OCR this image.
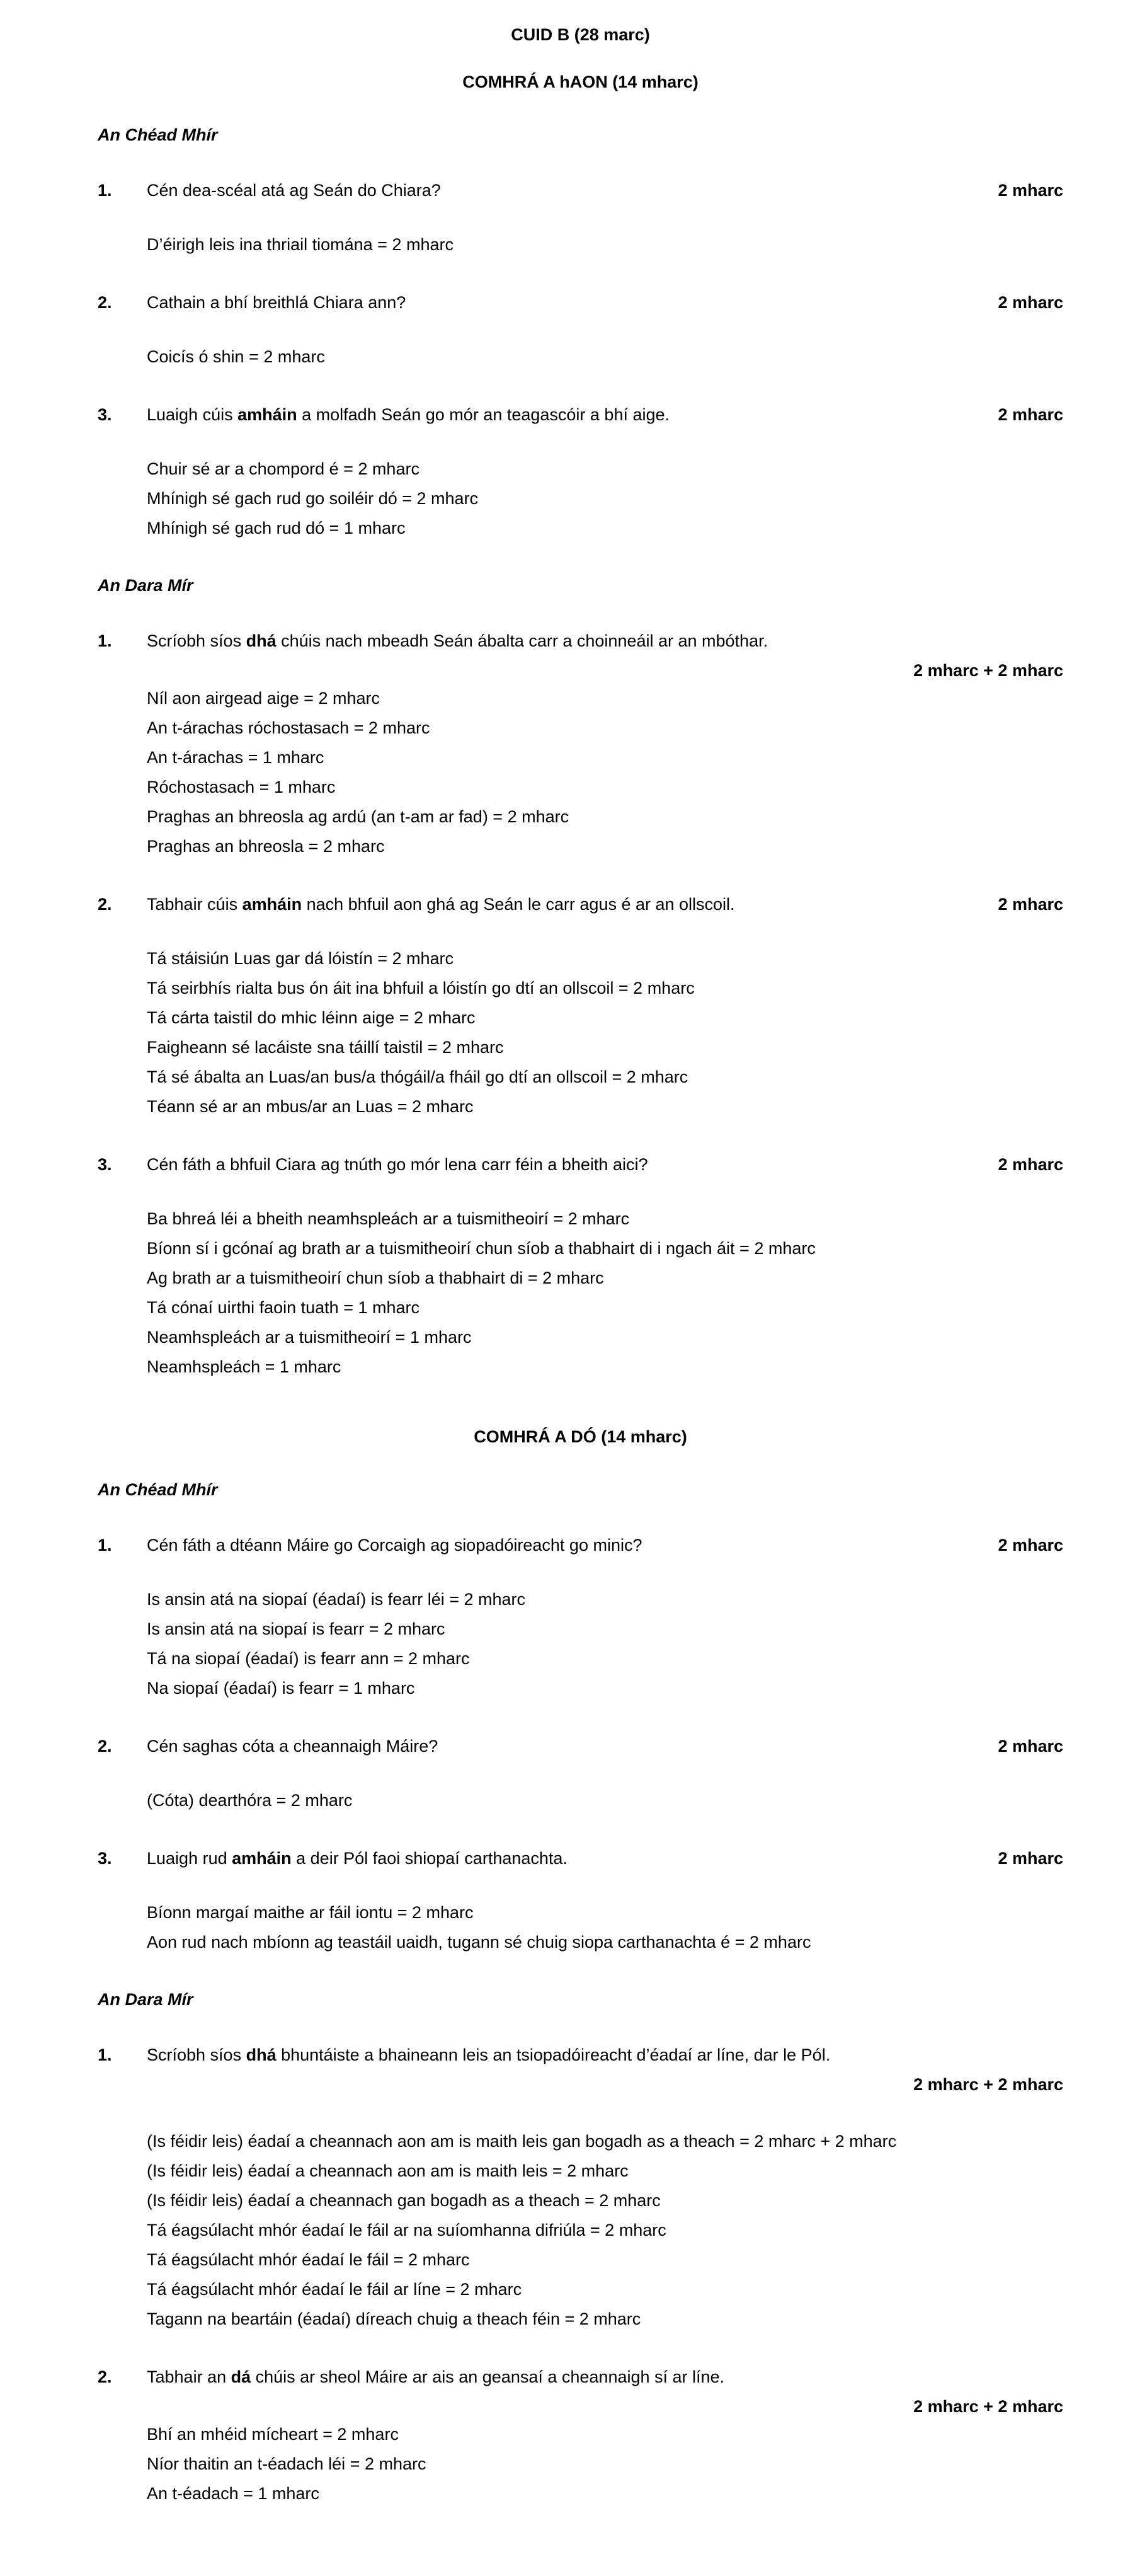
CUID B (28 marc)
COMHRÁ A hAON (14 mharc)
An Chéad Mhír
1.	Cén dea-scéal atá ag Seán do Chiara?	2 mharc
D’éirigh leis ina thriail tiomána = 2 mharc
2.	Cathain a bhí breithlá Chiara ann?	2 mharc
Coicís ó shin = 2 mharc
3.	Luaigh cúis amháin a molfadh Seán go mór an teagascóir a bhí aige.	2 mharc
Chuir sé ar a chompord é = 2 mharc
Mhínigh sé gach rud go soiléir dó = 2 mharc
Mhínigh sé gach rud dó = 1 mharc
An Dara Mír
1.	Scríobh síos dhá chúis nach mbeadh Seán ábalta carr a choinneáil ar an mbóthar.
2 mharc + 2 mharc
Níl aon airgead aige = 2 mharc
An t-árachas róchostasach = 2 mharc
An t-árachas = 1 mharc
Róchostasach = 1 mharc
Praghas an bhreosla ag ardú (an t-am ar fad) = 2 mharc
Praghas an bhreosla = 2 mharc
2.	Tabhair cúis amháin nach bhfuil aon ghá ag Seán le carr agus é ar an ollscoil.	2 mharc
Tá stáisiún Luas gar dá lóistín = 2 mharc
Tá seirbhís rialta bus ón áit ina bhfuil a lóistín go dtí an ollscoil = 2 mharc
Tá cárta taistil do mhic léinn aige = 2 mharc
Faigheann sé lacáiste sna táillí taistil = 2 mharc
Tá sé ábalta an Luas/an bus/a thógáil/a fháil go dtí an ollscoil = 2 mharc
Téann sé ar an mbus/ar an Luas = 2 mharc
3.	Cén fáth a bhfuil Ciara ag tnúth go mór lena carr féin a bheith aici?	2 mharc
Ba bhreá léi a bheith neamhspleách ar a tuismitheoirí = 2 mharc
Bíonn sí i gcónaí ag brath ar a tuismitheoirí chun síob a thabhairt di i ngach áit = 2 mharc
Ag brath ar a tuismitheoirí chun síob a thabhairt di = 2 mharc
Tá cónaí uirthi faoin tuath = 1 mharc
Neamhspleách ar a tuismitheoirí = 1 mharc
Neamhspleách = 1 mharc
COMHRÁ A DÓ (14 mharc)
An Chéad Mhír
1.	Cén fáth a dtéann Máire go Corcaigh ag siopadóireacht go minic?	2 mharc
Is ansin atá na siopaí (éadaí) is fearr léi = 2 mharc
Is ansin atá na siopaí is fearr = 2 mharc
Tá na siopaí (éadaí) is fearr ann = 2 mharc
Na siopaí (éadaí) is fearr = 1 mharc
2.	Cén saghas cóta a cheannaigh Máire?	2 mharc
(Cóta) dearthóra = 2 mharc
3.	Luaigh rud amháin a deir Pól faoi shiopaí carthanachta.	2 mharc
Bíonn margaí maithe ar fáil iontu = 2 mharc
Aon rud nach mbíonn ag teastáil uaidh, tugann sé chuig siopa carthanachta é = 2 mharc
An Dara Mír
1.	Scríobh síos dhá bhuntáiste a bhaineann leis an tsiopadóireacht d’éadaí ar líne, dar le Pól.
2 mharc + 2 mharc
(Is féidir leis) éadaí a cheannach aon am is maith leis gan bogadh as a theach = 2 mharc + 2 mharc
(Is féidir leis) éadaí a cheannach aon am is maith leis = 2 mharc
(Is féidir leis) éadaí a cheannach gan bogadh as a theach = 2 mharc
Tá éagsúlacht mhór éadaí le fáil ar na suíomhanna difriúla = 2 mharc
Tá éagsúlacht mhór éadaí le fáil = 2 mharc
Tá éagsúlacht mhór éadaí le fáil ar líne = 2 mharc
Tagann na beartáin (éadaí) díreach chuig a theach féin = 2 mharc
2.	Tabhair an dá chúis ar sheol Máire ar ais an geansaí a cheannaigh sí ar líne.
2 mharc + 2 mharc
Bhí an mhéid mícheart = 2 mharc
Níor thaitin an t-éadach léi = 2 mharc
An t-éadach = 1 mharc
